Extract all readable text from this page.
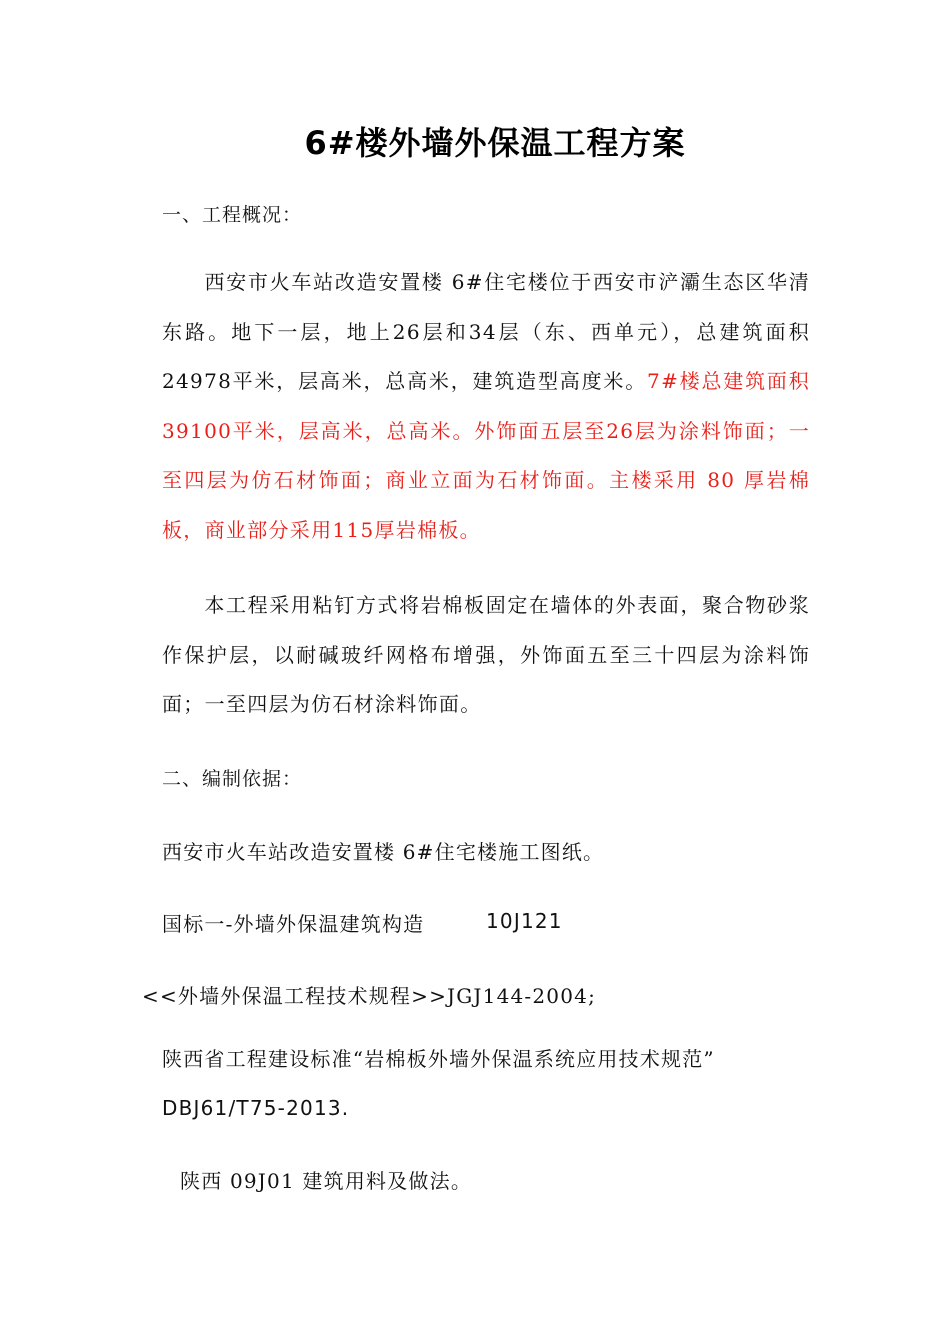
6#楼外墙外保温工程方案
一、工程概况：
西安市火车站改造安置楼 6#住宅楼位于西安市浐灞生态区华清东路。地下一层，地上26层和34层（东、西单元），总建筑面积24978平米，层高米，总高米，建筑造型高度米。7#楼总建筑面积39100平米，层高米，总高米。外饰面五层至26层为涂料饰面；一至四层为仿石材饰面；商业立面为石材饰面。主楼采用 80 厚岩棉板，商业部分采用115厚岩棉板。
本工程采用粘钉方式将岩棉板固定在墙体的外表面，聚合物砂浆作保护层，以耐碱玻纤网格布增强，外饰面五至三十四层为涂料饰面；一至四层为仿石材涂料饰面。
二、编制依据：
西安市火车站改造安置楼 6#住宅楼施工图纸。
国标一-外墙外保温建筑构造	10J121
<<外墙外保温工程技术规程>>JGJ144-2004;
陕西省工程建设标准“岩棉板外墙外保温系统应用技术规范”
DBJ61/T75-2013.
陕西 09J01 建筑用料及做法。
